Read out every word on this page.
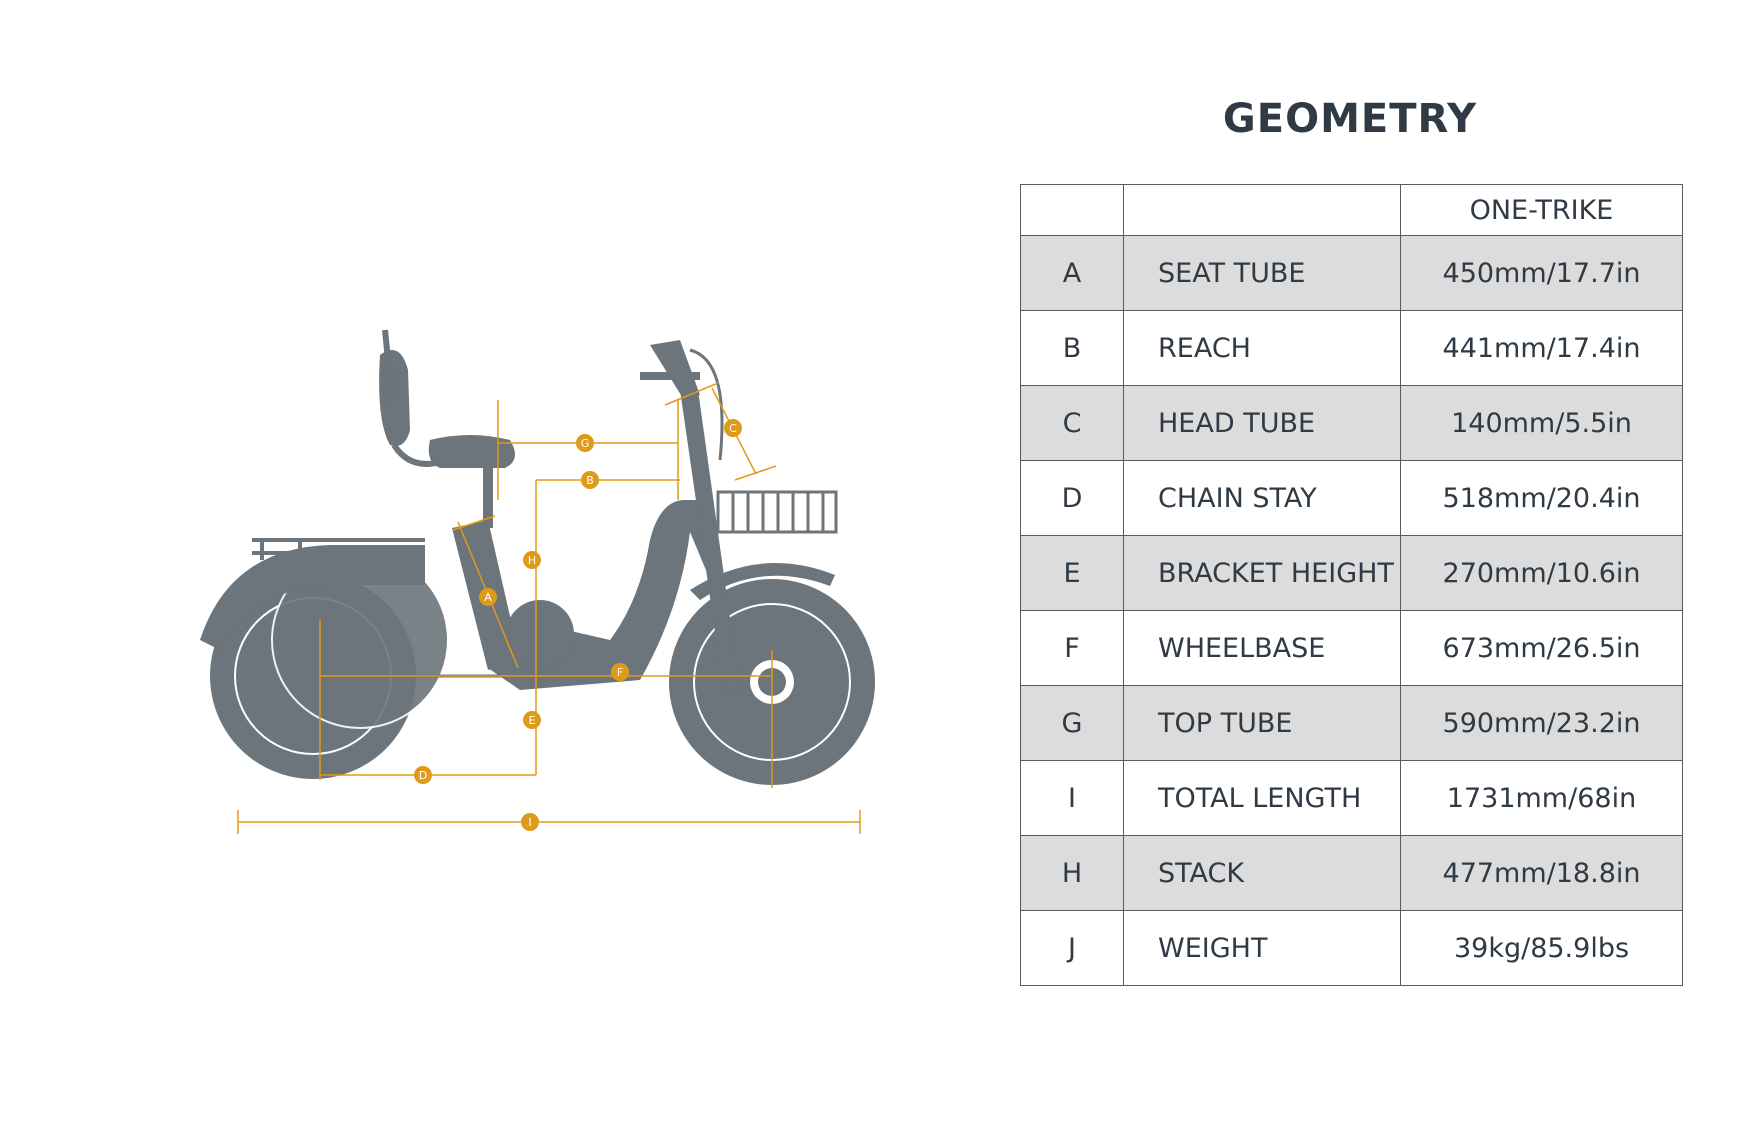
G
B
C
H
A
F
E
D
I
GEOMETRY
		ONE-TRIKE
A	SEAT TUBE	450mm/17.7in
B	REACH	441mm/17.4in
C	HEAD TUBE	140mm/5.5in
D	CHAIN STAY	518mm/20.4in
E	BRACKET HEIGHT	270mm/10.6in
F	WHEELBASE	673mm/26.5in
G	TOP TUBE	590mm/23.2in
I	TOTAL LENGTH	1731mm/68in
H	STACK	477mm/18.8in
J	WEIGHT	39kg/85.9lbs
